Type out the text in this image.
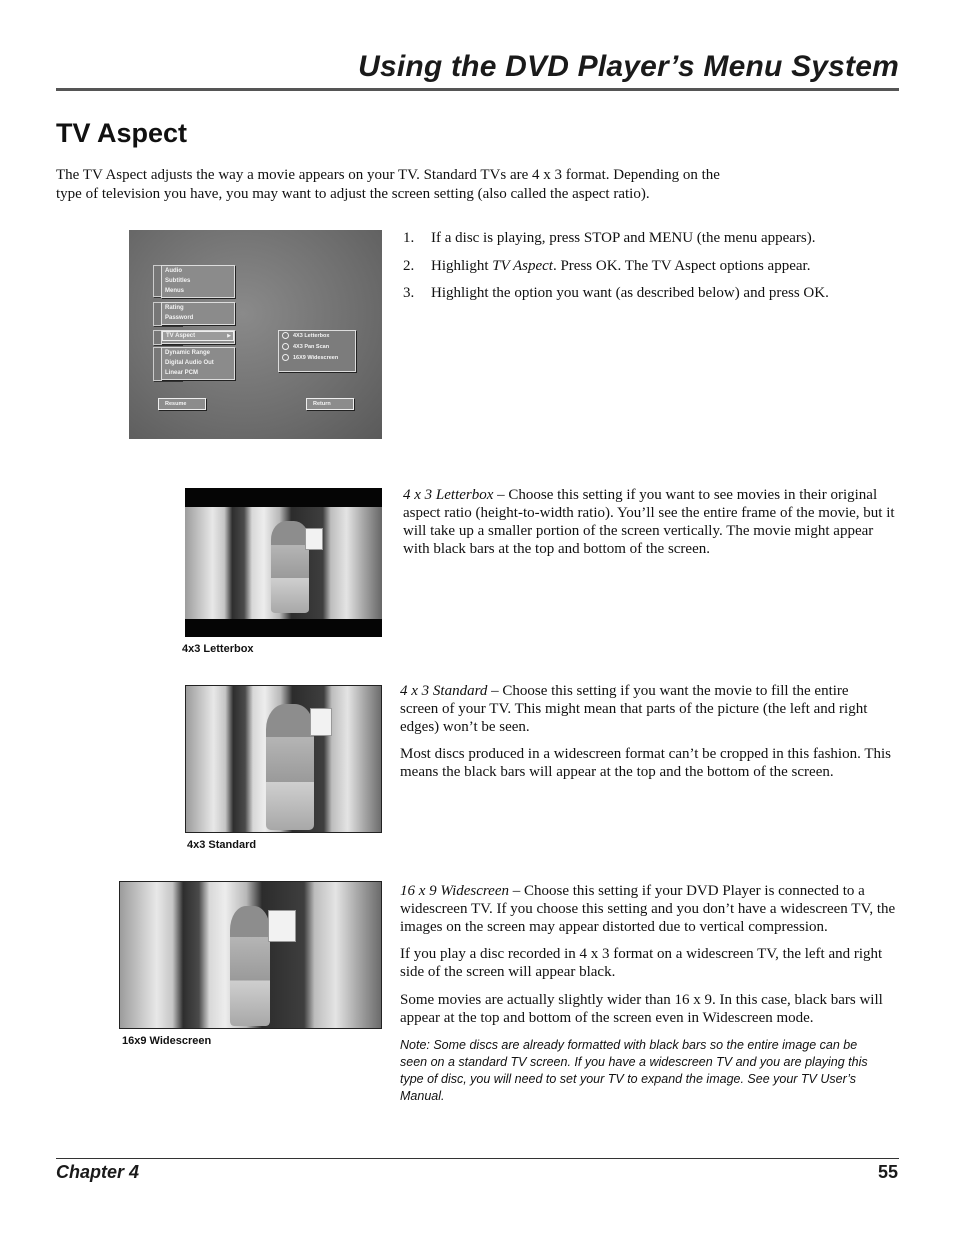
Using the DVD Player’s Menu System
TV Aspect
The TV Aspect adjusts the way a movie appears on your TV. Standard TVs are 4 x 3 format. Depending on the
type of television you have, you may want to adjust the screen setting (also called the aspect ratio).
Audio
Subtitles
Menus
Rating
Password
TV Aspect ▶
Dynamic Range
Digital Audio Out
Linear PCM
4X3 Letterbox
4X3 Pan Scan
16X9 Widescreen
Resume	Return
1. If a disc is playing, press STOP and MENU (the menu appears).
2. Highlight TV Aspect. Press OK. The TV Aspect options appear.
3. Highlight the option you want (as described below) and press OK.
4x3 Letterbox
4 x 3 Letterbox – Choose this setting if you want to see movies in their original
aspect ratio (height-to-width ratio). You’ll see the entire frame of the movie, but it
will take up a smaller portion of the screen vertically. The movie might appear
with black bars at the top and bottom of the screen.
4x3 Standard
4 x 3 Standard – Choose this setting if you want the movie to fill the entire
screen of your TV. This might mean that parts of the picture (the left and right
edges) won’t be seen.
Most discs produced in a widescreen format can’t be cropped in this fashion. This
means the black bars will appear at the top and the bottom of the screen.
16x9 Widescreen
16 x 9 Widescreen – Choose this setting if your DVD Player is connected to a
widescreen TV. If you choose this setting and you don’t have a widescreen TV, the
images on the screen may appear distorted due to vertical compression.
If you play a disc recorded in 4 x 3 format on a widescreen TV, the left and right
side of the screen will appear black.
Some movies are actually slightly wider than 16 x 9. In this case, black bars will
appear at the top and bottom of the screen even in Widescreen mode.
Note: Some discs are already formatted with black bars so the entire image can be
seen on a standard TV screen. If you have a widescreen TV and you are playing this
type of disc, you will need to set your TV to expand the image. See your TV User’s
Manual.
Chapter 4	55
